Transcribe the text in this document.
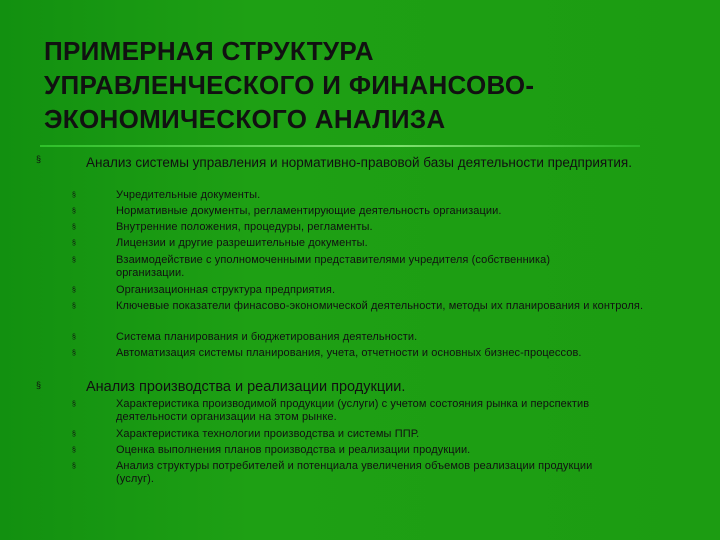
ПРИМЕРНАЯ СТРУКТУРА
УПРАВЛЕНЧЕСКОГО И ФИНАНСОВО-
ЭКОНОМИЧЕСКОГО АНАЛИЗА
§	Анализ системы управления и нормативно-правовой базы деятельности предприятия.
§	Учредительные документы.
§	Нормативные документы, регламентирующие деятельность организации.
§	Внутренние положения, процедуры, регламенты.
§	Лицензии и другие разрешительные документы.
§	Взаимодействие с уполномоченными представителями учредителя (собственника) организации.
§	Организационная структура предприятия.
§	Ключевые показатели финасово-экономической деятельности, методы их планирования и контроля.
§	Система планирования и бюджетирования деятельности.
§	Автоматизация системы планирования, учета, отчетности и основных бизнес-процессов.
§	Анализ производства и реализации продукции.
§	Характеристика производимой продукции (услуги) с учетом состояния рынка и перспектив деятельности организации на этом рынке.
§	Характеристика технологии производства и системы ППР.
§	Оценка выполнения планов производства и реализации продукции.
§	Анализ структуры потребителей и потенциала увеличения объемов реализации продукции (услуг).
